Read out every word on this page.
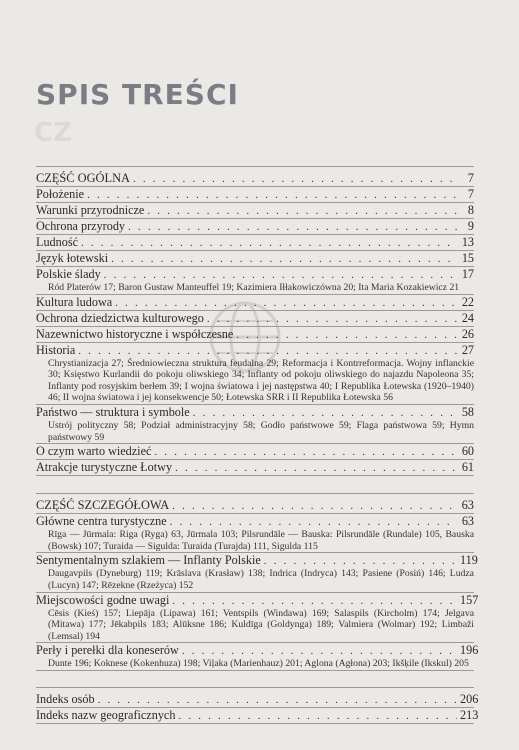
SPIS TREŚCI
CZ
CZĘŚĆ OGÓLNA . . .	7
Położenie . . .	7
Warunki przyrodnicze . . .	8
Ochrona przyrody . . .	9
Ludność . . .	13
Język łotewski . . .	15
Polskie ślady . . .	17
Ród Platerów 17; Baron Gustaw Manteuffel 19; Kazimiera Iłłakowiczówna 20; Ita Maria Kozakiewicz 21
Kultura ludowa . . .	22
Ochrona dziedzictwa kulturowego . . .	24
Nazewnictwo historyczne i współczesne . . .	26
Historia . . .	27
Chrystianizacja 27; Średniowieczna struktura feudalna 29; Reformacja i Kontrreformacja. Wojny inflanckie 30; Księstwo Kurlandii do pokoju oliwskiego 34; Inflanty od pokoju oliwskiego do najazdu Napoleona 35; Inflanty pod rosyjskim berłem 39; I wojna światowa i jej następstwa 40; I Republika Łotewska (1920–1940) 46; II wojna światowa i jej konsekwencje 50; Łotewska SRR i II Republika Łotewska 56
Państwo — struktura i symbole . . .	58
Ustrój polityczny 58; Podział administracyjny 58; Godło państwowe 59; Flaga państwowa 59; Hymn państwowy 59
O czym warto wiedzieć . . .	60
Atrakcje turystyczne Łotwy . . .	61
CZĘŚĆ SZCZEGÓŁOWA . . .	63
Główne centra turystyczne . . .	63
Rīga — Jūrmala: Riga (Ryga) 63, Jūrmala 103; Pilsrundāle — Bauska: Pilsrundāle (Rundale) 105, Bauska (Bowsk) 107; Turaida — Sigulda: Turaida (Turajda) 111, Sigulda 115
Sentymentalnym szlakiem — Inflanty Polskie . . .	119
Daugavpils (Dyneburg) 119; Krāslava (Krasław) 138; Indrica (Indryca) 143; Pasiene (Posiń) 146; Ludza (Lucyn) 147; Rēzekne (Rzeżyca) 152
Miejscowości godne uwagi . . .	157
Cēsis (Kieś) 157; Liepāja (Lipawa) 161; Ventspils (Windawa) 169; Salaspils (Kircholm) 174; Jelgava (Mitawa) 177; Jēkabpils 183; Alūksne 186; Kuldīga (Goldynga) 189; Valmiera (Wolmar) 192; Limbaži (Lemsal) 194
Perły i perełki dla koneserów . . .	196
Dunte 196; Koknese (Kokenhuza) 198; Viļaka (Marienhauz) 201; Aglona (Agłona) 203; Ikšķile (Ikskul) 205
Indeks osób . . .	206
Indeks nazw geograficznych . . .	213
